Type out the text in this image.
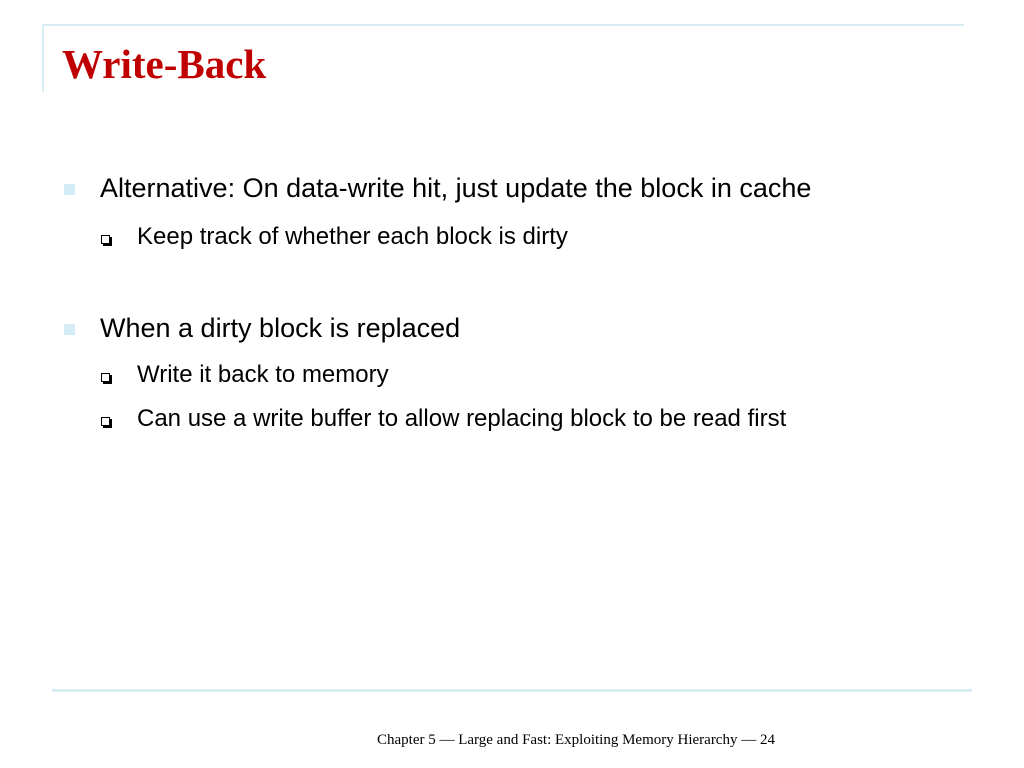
Write-Back
Alternative: On data-write hit, just update the block in cache
Keep track of whether each block is dirty
When a dirty block is replaced
Write it back to memory
Can use a write buffer to allow replacing block to be read first
Chapter 5 — Large and Fast: Exploiting Memory Hierarchy — 24
